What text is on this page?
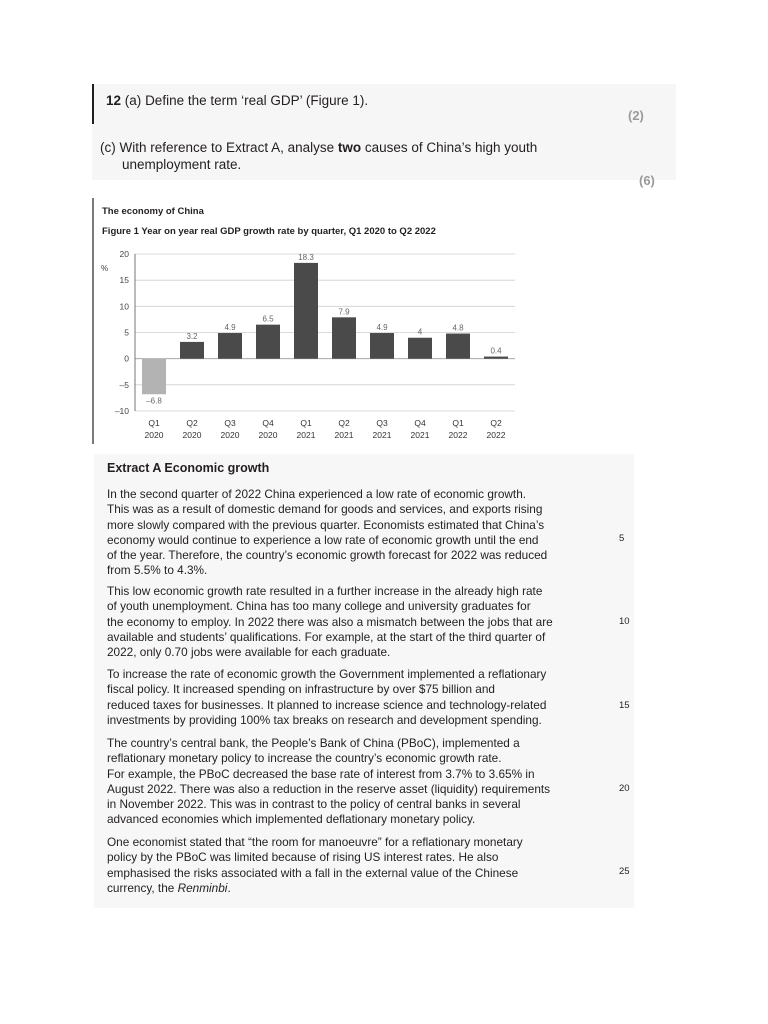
12 (a) Define the term ‘real GDP’ (Figure 1).
(2)
(c) With reference to Extract A, analyse two causes of China’s high youth
unemployment rate.
(6)
The economy of China
Figure 1 Year on year real GDP growth rate by quarter, Q1 2020 to Q2 2022
%
20
15
10
5
0
–5
–10
–6.8
Q1
2020
3.2
Q2
2020
4.9
Q3
2020
6.5
Q4
2020
18.3
Q1
2021
7.9
Q2
2021
4.9
Q3
2021
4
Q4
2021
4.8
Q1
2022
0.4
Q2
2022
Extract A Economic growth

In the second quarter of 2022 China experienced a low rate of economic growth.
This was as a result of domestic demand for goods and services, and exports rising
more slowly compared with the previous quarter. Economists estimated that China’s
economy would continue to experience a low rate of economic growth until the end
of the year. Therefore, the country’s economic growth forecast for 2022 was reduced
from 5.5% to 4.3%.

5

This low economic growth rate resulted in a further increase in the already high rate
of youth unemployment. China has too many college and university graduates for
the economy to employ. In 2022 there was also a mismatch between the jobs that are
available and students’ qualifications. For example, at the start of the third quarter of
2022, only 0.70 jobs were available for each graduate.

10

To increase the rate of economic growth the Government implemented a reflationary
fiscal policy. It increased spending on infrastructure by over $75 billion and
reduced taxes for businesses. It planned to increase science and technology-related
investments by providing 100% tax breaks on research and development spending.

15

The country’s central bank, the People’s Bank of China (PBoC), implemented a
reflationary monetary policy to increase the country’s economic growth rate.
For example, the PBoC decreased the base rate of interest from 3.7% to 3.65% in
August 2022. There was also a reduction in the reserve asset (liquidity) requirements
in November 2022. This was in contrast to the policy of central banks in several
advanced economies which implemented deflationary monetary policy.

20

One economist stated that “the room for manoeuvre” for a reflationary monetary
policy by the PBoC was limited because of rising US interest rates. He also
emphasised the risks associated with a fall in the external value of the Chinese
currency, the Renminbi.

25
